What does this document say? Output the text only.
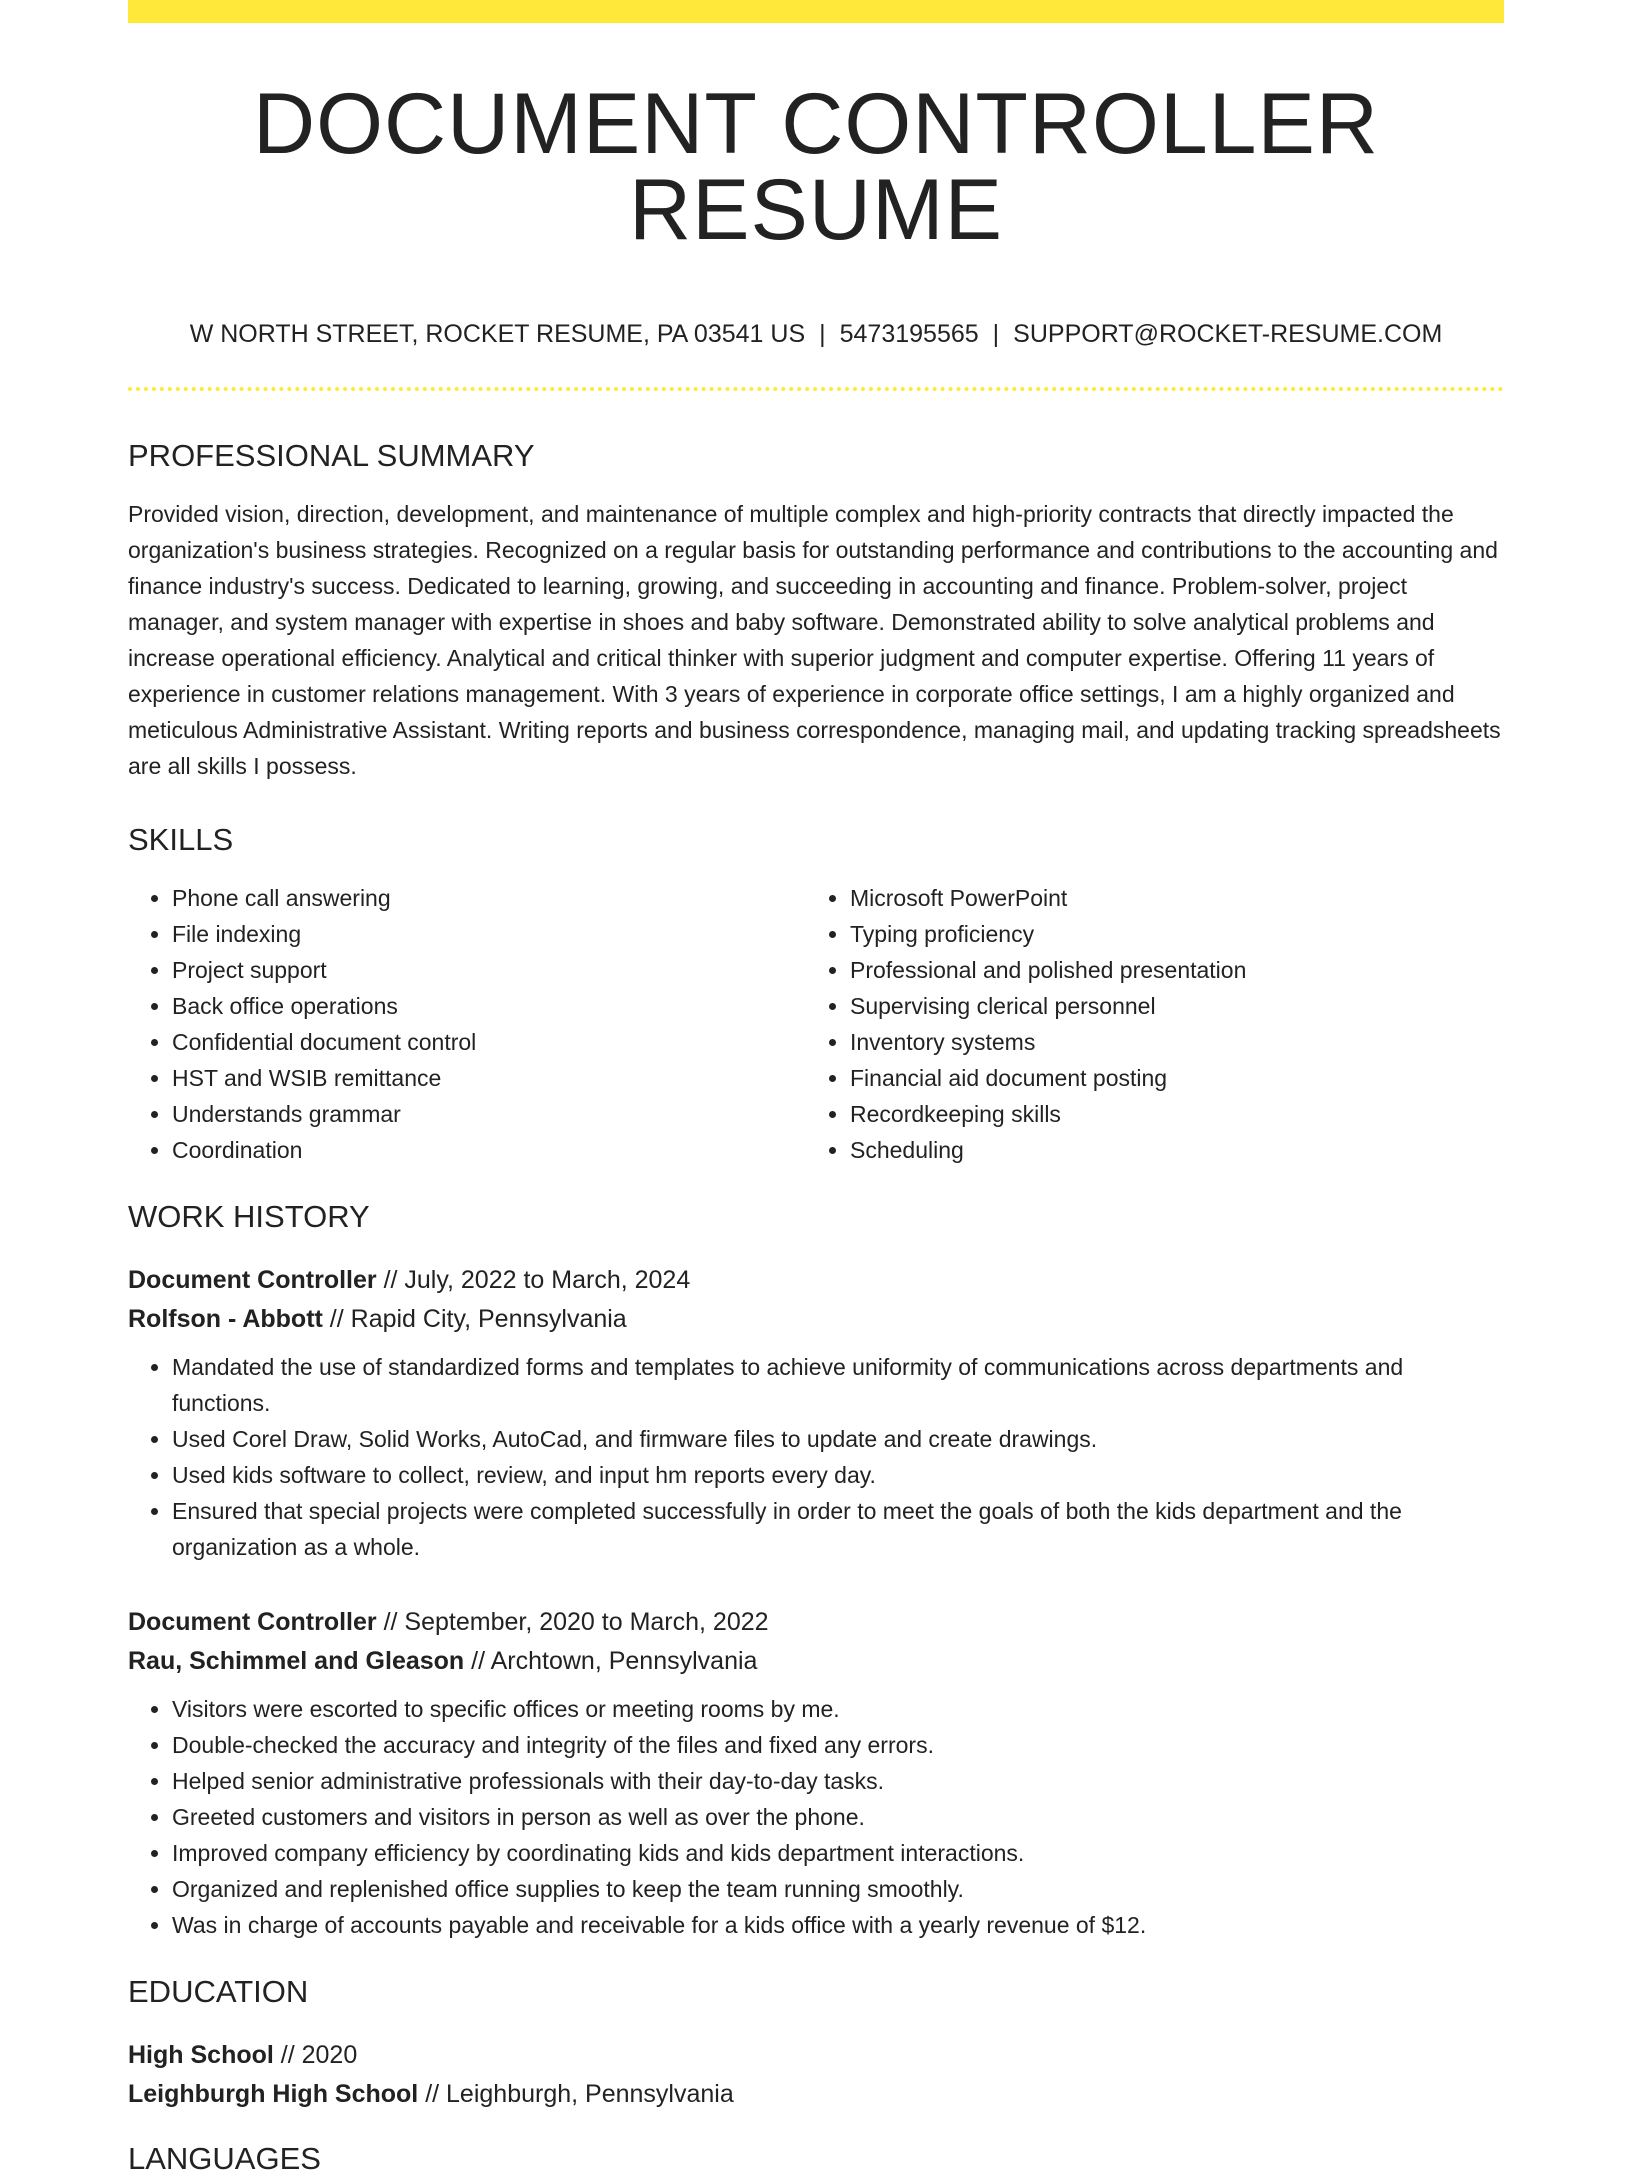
DOCUMENT CONTROLLER RESUME
W NORTH STREET, ROCKET RESUME, PA 03541 US | 5473195565 | SUPPORT@ROCKET-RESUME.COM
PROFESSIONAL SUMMARY

Provided vision, direction, development, and maintenance of multiple complex and high-priority contracts that directly impacted the organization's business strategies. Recognized on a regular basis for outstanding performance and contributions to the accounting and finance industry's success. Dedicated to learning, growing, and succeeding in accounting and finance. Problem-solver, project manager, and system manager with expertise in shoes and baby software. Demonstrated ability to solve analytical problems and increase operational efficiency. Analytical and critical thinker with superior judgment and computer expertise. Offering 11 years of experience in customer relations management. With 3 years of experience in corporate office settings, I am a highly organized and meticulous Administrative Assistant. Writing reports and business correspondence, managing mail, and updating tracking spreadsheets are all skills I possess.

SKILLS
• Phone call answering
• File indexing
• Project support
• Back office operations
• Confidential document control
• HST and WSIB remittance
• Understands grammar
• Coordination
• Microsoft PowerPoint
• Typing proficiency
• Professional and polished presentation
• Supervising clerical personnel
• Inventory systems
• Financial aid document posting
• Recordkeeping skills
• Scheduling
WORK HISTORY
Document Controller // July, 2022 to March, 2024
Rolfson - Abbott // Rapid City, Pennsylvania
• Mandated the use of standardized forms and templates to achieve uniformity of communications across departments and functions.
• Used Corel Draw, Solid Works, AutoCad, and firmware files to update and create drawings.
• Used kids software to collect, review, and input hm reports every day.
• Ensured that special projects were completed successfully in order to meet the goals of both the kids department and the organization as a whole.
Document Controller // September, 2020 to March, 2022
Rau, Schimmel and Gleason // Archtown, Pennsylvania
• Visitors were escorted to specific offices or meeting rooms by me.
• Double-checked the accuracy and integrity of the files and fixed any errors.
• Helped senior administrative professionals with their day-to-day tasks.
• Greeted customers and visitors in person as well as over the phone.
• Improved company efficiency by coordinating kids and kids department interactions.
• Organized and replenished office supplies to keep the team running smoothly.
• Was in charge of accounts payable and receivable for a kids office with a yearly revenue of $12.
EDUCATION
High School // 2020
Leighburgh High School // Leighburgh, Pennsylvania
LANGUAGES
